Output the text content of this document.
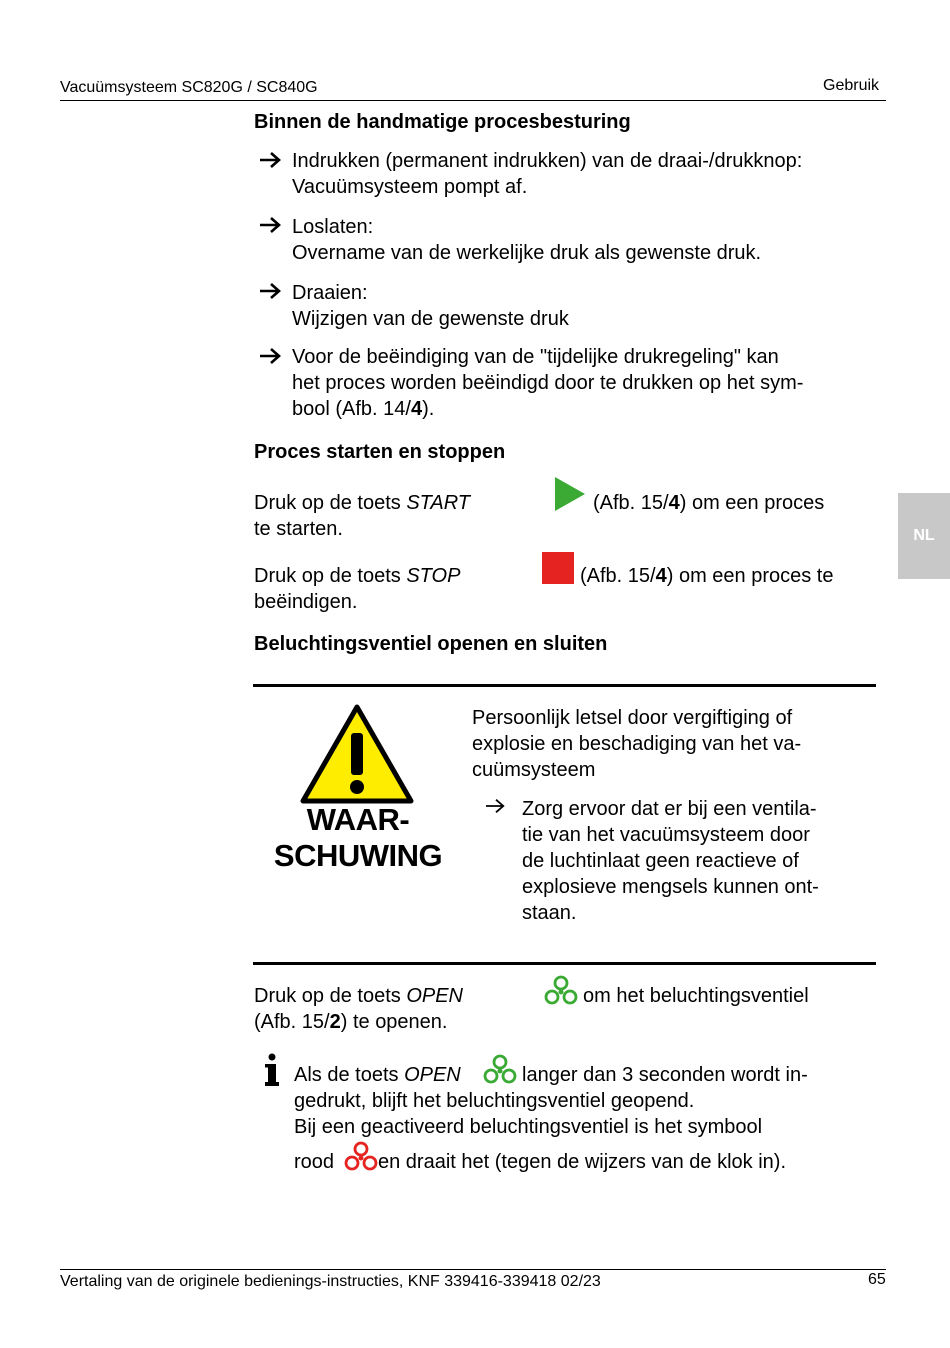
Vacuümsysteem SC820G / SC840G	Gebruik
NL
Binnen de handmatige procesbesturing
Indrukken (permanent indrukken) van de draai-/drukknop:
Vacuümsysteem pompt af.
Loslaten:
Overname van de werkelijke druk als gewenste druk.
Draaien:
Wijzigen van de gewenste druk
Voor de beëindiging van de "tijdelijke drukregeling" kan
het proces worden beëindigd door te drukken op het sym-
bool (Afb. 14/4).
Proces starten en stoppen
Druk op de toets START	(Afb. 15/4) om een proces
te starten.
Druk op de toets STOP	(Afb. 15/4) om een proces te
beëindigen.
Beluchtingsventiel openen en sluiten
WAAR-
SCHUWING
Persoonlijk letsel door vergiftiging of
explosie en beschadiging van het va-
cuümsysteem
Zorg ervoor dat er bij een ventila-
tie van het vacuümsysteem door
de luchtinlaat geen reactieve of
explosieve mengsels kunnen ont-
staan.
Druk op de toets OPEN	om het beluchtingsventiel
(Afb. 15/2) te openen.
Als de toets OPEN	langer dan 3 seconden wordt in-
gedrukt, blijft het beluchtingsventiel geopend.
Bij een geactiveerd beluchtingsventiel is het symbool
rood en draait het (tegen de wijzers van de klok in).
Vertaling van de originele bedienings-instructies, KNF 339416-339418 02/23	65
